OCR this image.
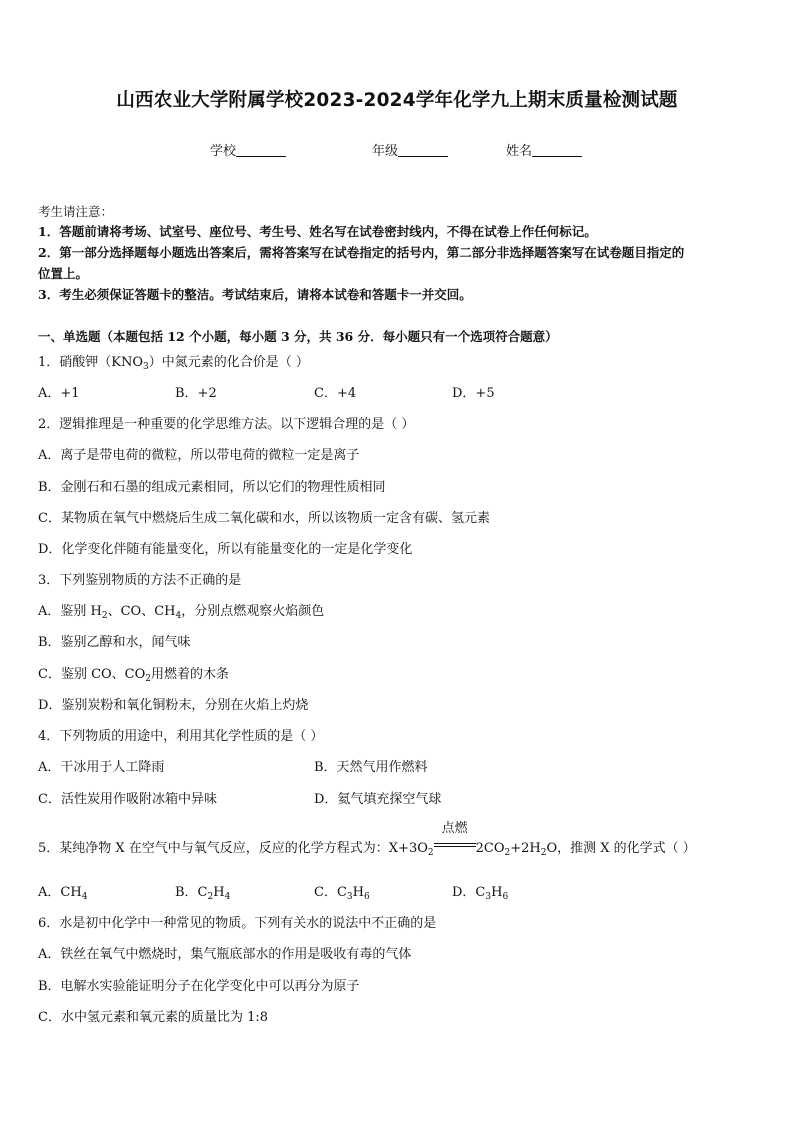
山西农业大学附属学校2023-2024学年化学九上期末质量检测试题
学校	年级	姓名
考生请注意：
1．答题前请将考场、试室号、座位号、考生号、姓名写在试卷密封线内，不得在试卷上作任何标记。
2．第一部分选择题每小题选出答案后，需将答案写在试卷指定的括号内，第二部分非选择题答案写在试卷题目指定的
位置上。
3．考生必须保证答题卡的整洁。考试结束后，请将本试卷和答题卡一并交回。
一、单选题（本题包括 12 个小题，每小题 3 分，共 36 分．每小题只有一个选项符合题意）
1．硝酸钾$(KNO_3)$中氮元素的化合价是（ ）
A．+1	B．+2	C．+4	D．+5
2．逻辑推理是一种重要的化学思维方法。以下逻辑合理的是（ ）
A．离子是带电荷的微粒，所以带电荷的微粒一定是离子
B．金刚石和石墨的组成元素相同，所以它们的物理性质相同
C．某物质在氧气中燃烧后生成二氧化碳和水，所以该物质一定含有碳、氢元素
D．化学变化伴随有能量变化，所以有能量变化的一定是化学变化
3．下列鉴别物质的方法不正确的是
A．鉴别 $H_2$、CO、$CH_4$，分别点燃观察火焰颜色
B．鉴别乙醇和水，闻气味
C．鉴别 CO、$CO_2$用燃着的木条
D．鉴别炭粉和氧化铜粉末，分别在火焰上灼烧
4．下列物质的用途中，利用其化学性质的是（ ）
A．干冰用于人工降雨	B．天然气用作燃料
C．活性炭用作吸附冰箱中异味	D．氦气填充探空气球
5．某纯净物 X 在空气中与氧气反应，反应的化学方程式为：$X+3O_2$
点燃
$2CO_2+2H_2O$，推测 X 的化学式（ ）
A．$CH_4$	B．$C_2H_4$	C．$C_3H_6$	D．$C_3H_6$
6．水是初中化学中一种常见的物质。下列有关水的说法中不正确的是
A．铁丝在氧气中燃烧时，集气瓶底部水的作用是吸收有毒的气体
B．电解水实验能证明分子在化学变化中可以再分为原子
C．水中氢元素和氧元素的质量比为 1:8
